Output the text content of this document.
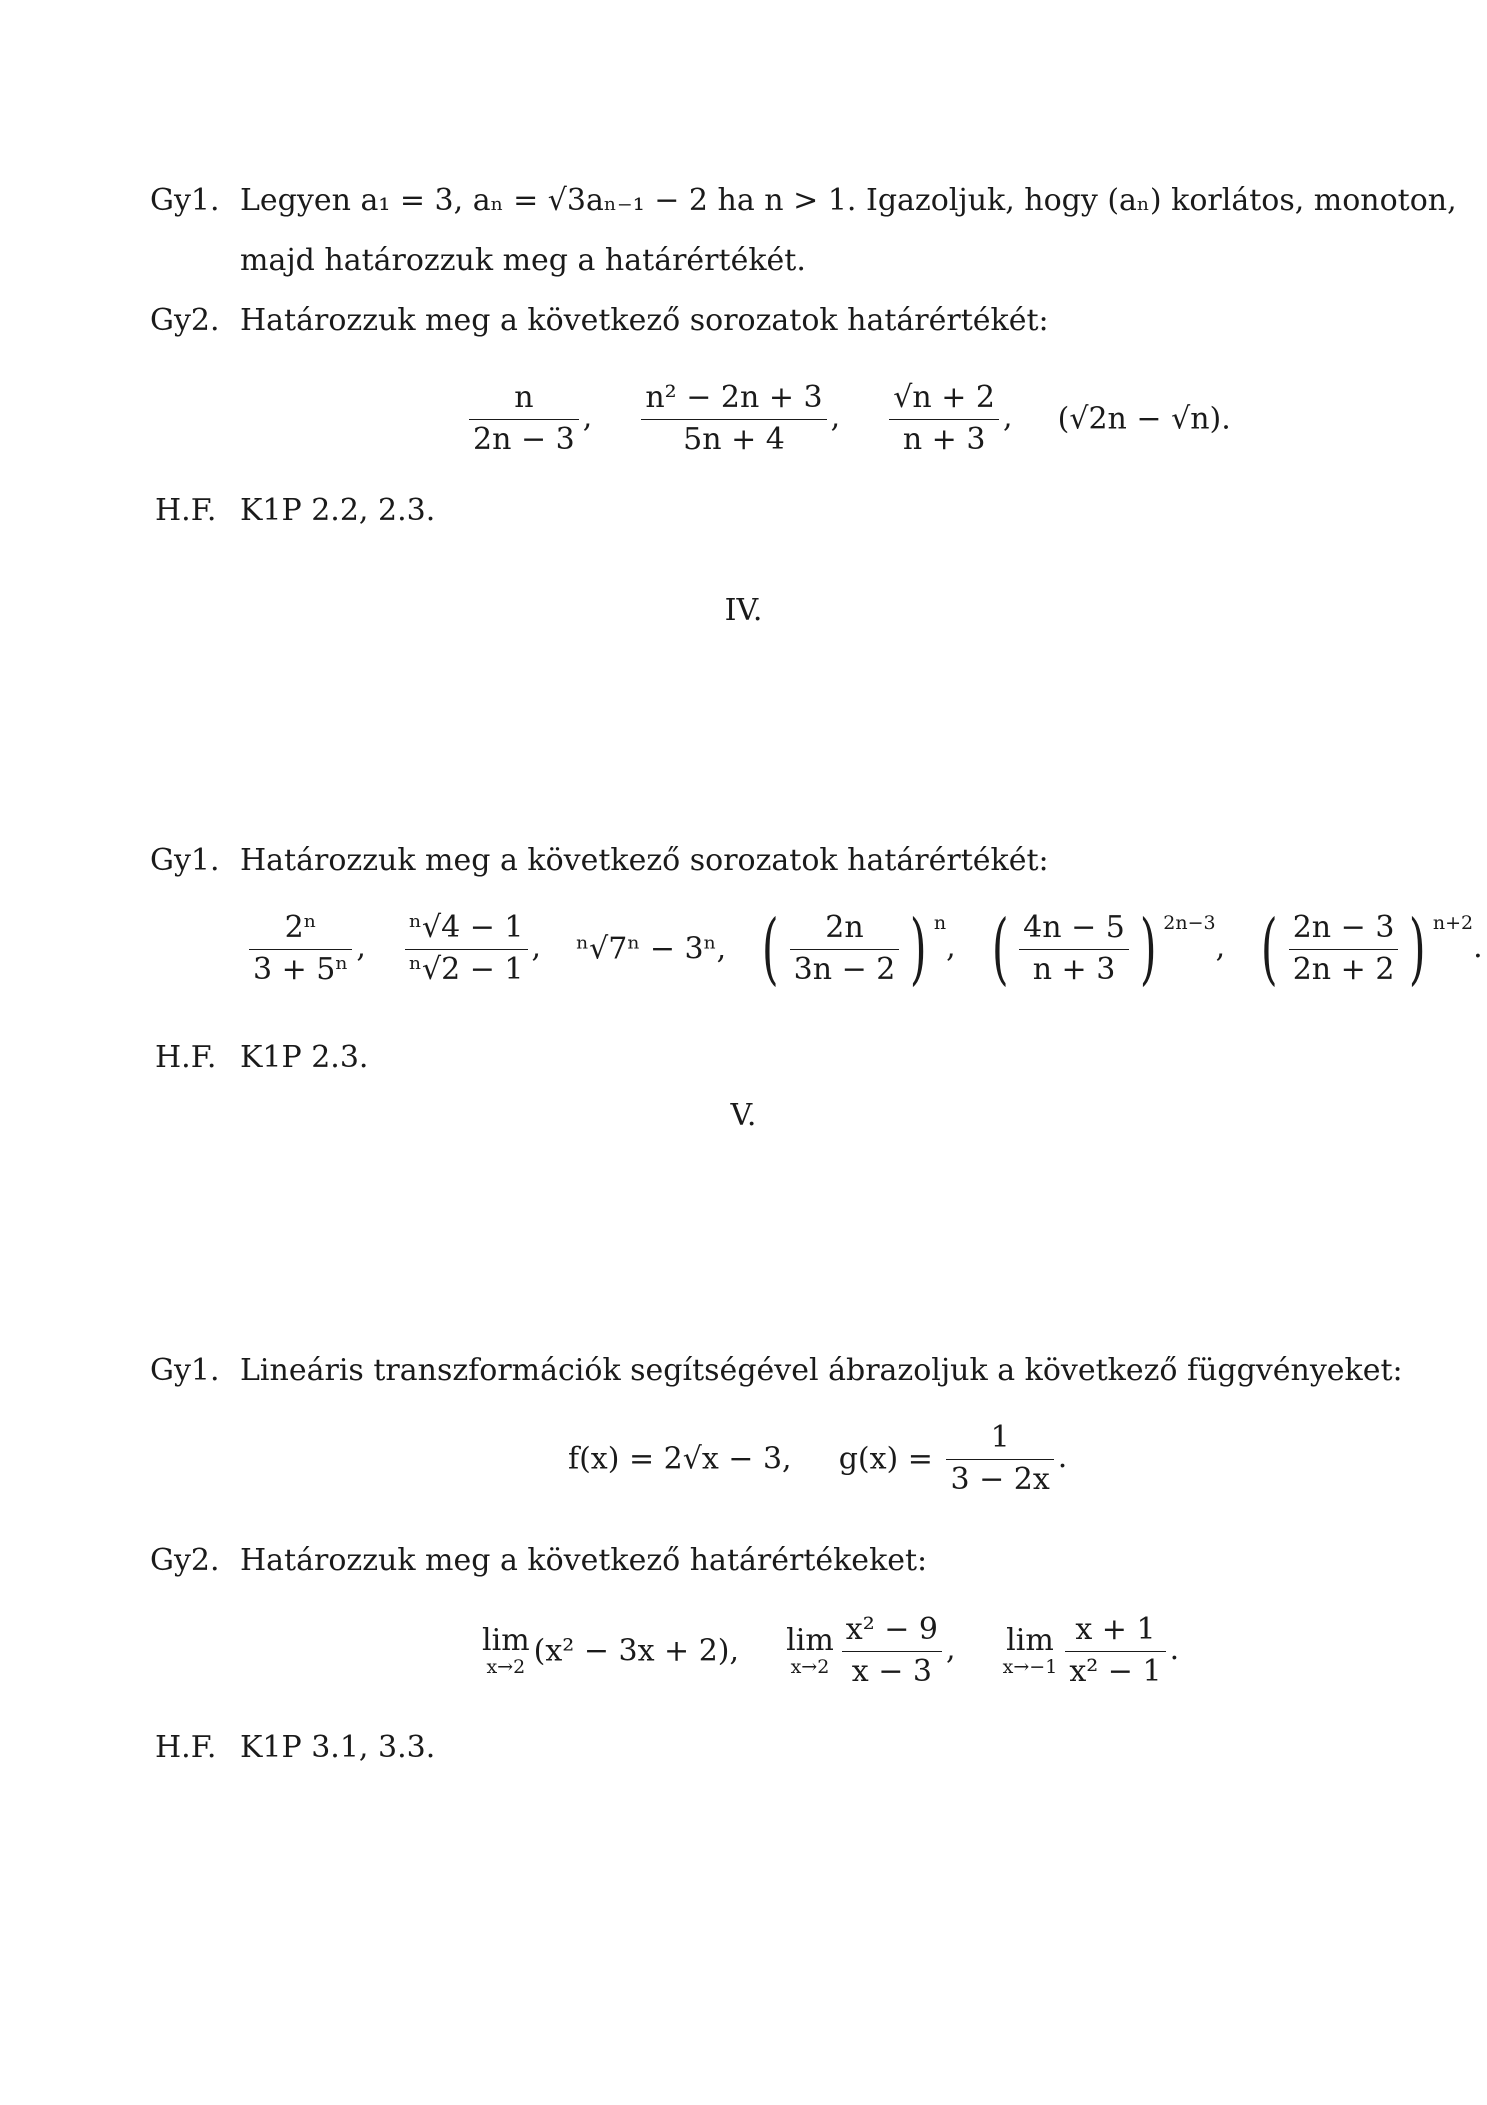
Gy1. Legyen a₁ = 3, aₙ = √3aₙ₋₁ − 2 ha n > 1. Igazoljuk, hogy (aₙ) korlátos, monoton,
majd határozzuk meg a határértékét.
Gy2. Határozzuk meg a következő sorozatok határértékét:
$\frac{n}{2n - 3}$ , $\frac{\text{n² − 2n + 3}}{5n + 4}$ , $\frac{√n + 2}{n + 3}$ , (√2n − √n).
H.F. K1P 2.2, 2.3.
IV.
Gy1. Határozzuk meg a következő sorozatok határértékét:
$\frac{\text{2ⁿ}}{\text{3 + 5ⁿ}}$ , $\frac{\text{ⁿ√4 − 1}}{\text{ⁿ√2 − 1}}$ , ⁿ√7ⁿ − 3ⁿ, ( $\frac{2n}{3n - 2}$ ) $^n$, ( $\frac{4n - 5}{n + 3}$ ) $^{2n-3}$, ( $\frac{2n - 3}{2n + 2}$ ) $^{n+2}$.
H.F. K1P 2.3.
V.
Gy1. Lineáris transzformációk segítségével ábrazoljuk a következő függvényeket:
f(x) = 2√x − 3, $g(x) = \frac{1}{3 - 2x}$ .
Gy2. Határozzuk meg a következő határértékeket:
lim
x→2 (x² − 3x + 2), lim
$x\to 2 \frac{\text{x² − 9}}{x - 3}$ , lim
$x\to-1 \frac{x + 1}{\text{x² − 1}}$ .
H.F. K1P 3.1, 3.3.
